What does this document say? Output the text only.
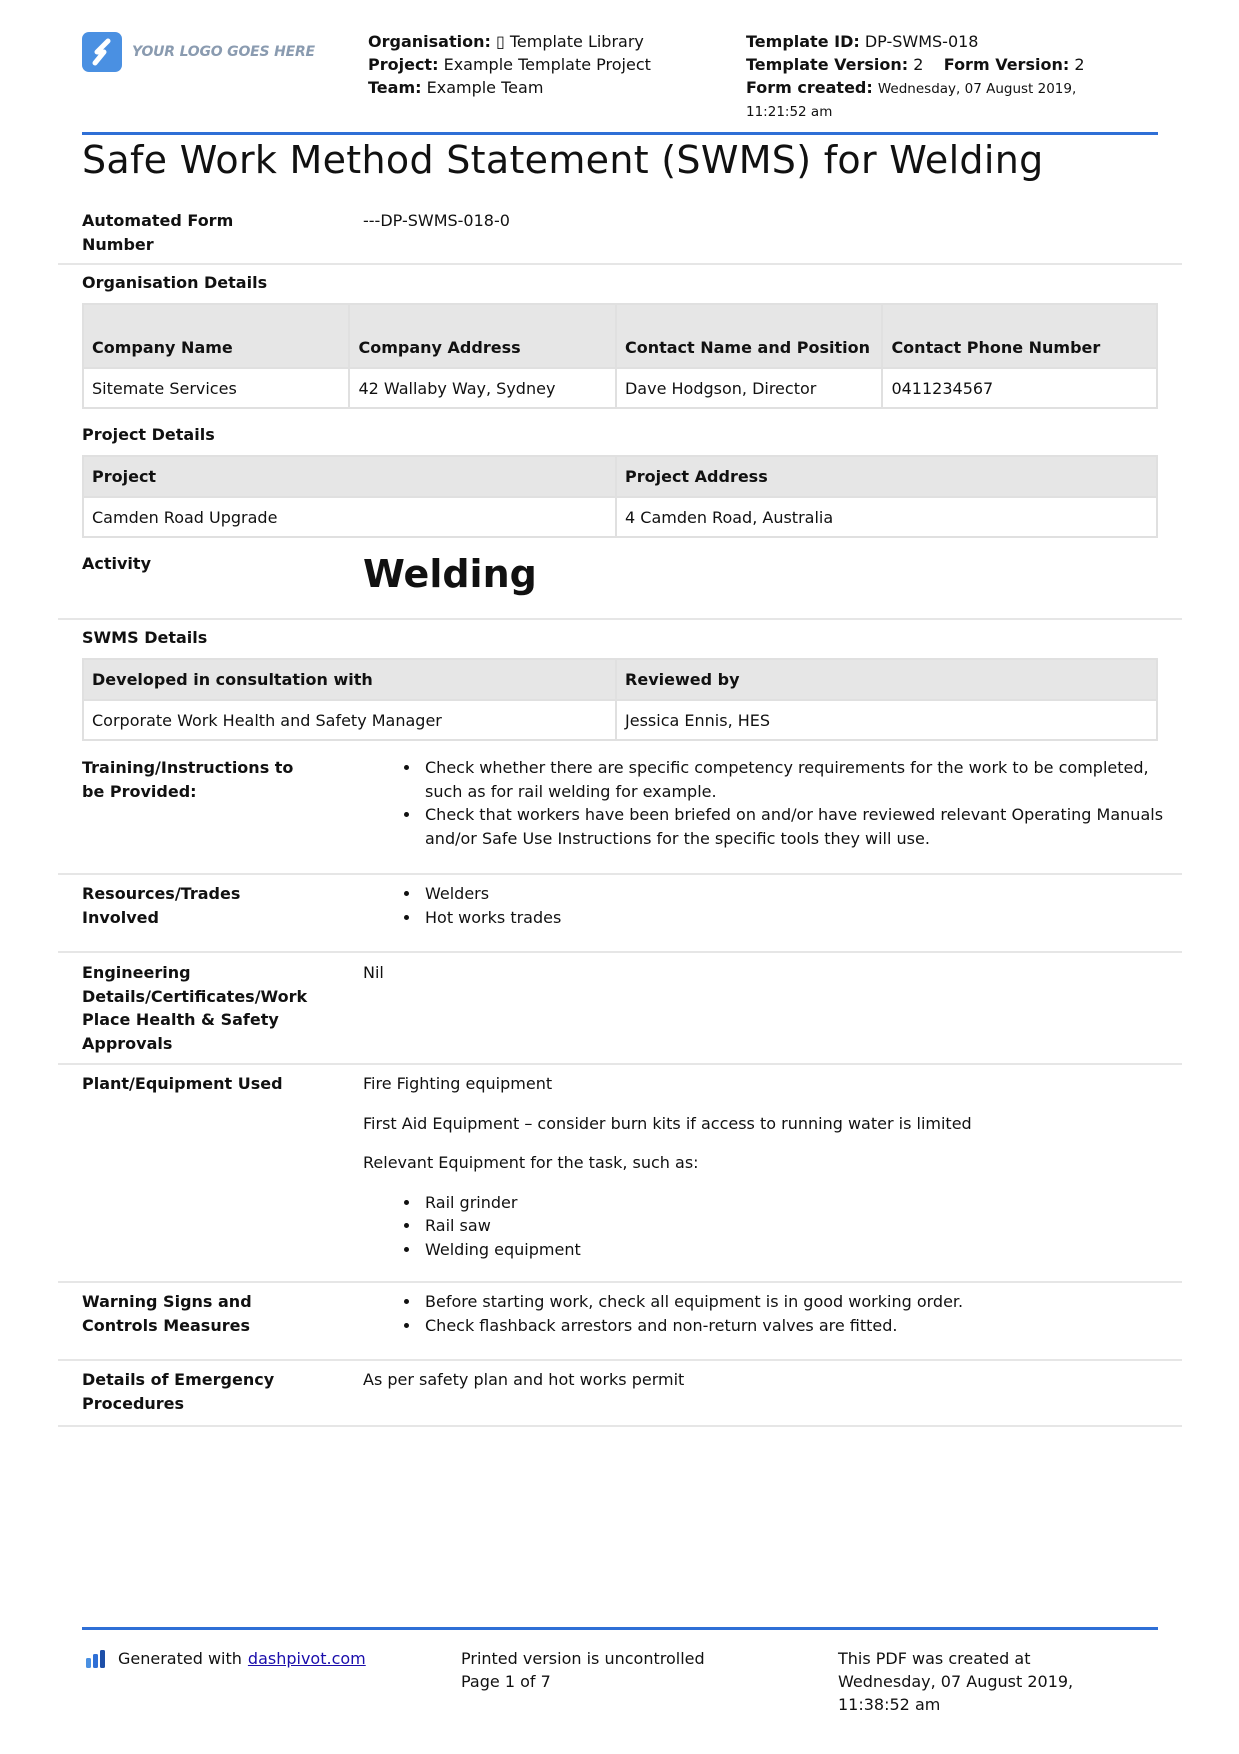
YOUR LOGO GOES HERE
Organisation: ▯ Template Library
Project: Example Template Project
Team: Example Team
Template ID: DP-SWMS-018
Template Version: 2 Form Version: 2
Form created: Wednesday, 07 August 2019,
11:21:52 am
Safe Work Method Statement (SWMS) for Welding
Automated Form
Number
---DP-SWMS-018-0
Organisation Details
Company Name	Company Address	Contact Name and Position	Contact Phone Number
Sitemate Services	42 Wallaby Way, Sydney	Dave Hodgson, Director	0411234567
Project Details
Project	Project Address
Camden Road Upgrade	4 Camden Road, Australia
Activity	Welding
SWMS Details
Developed in consultation with	Reviewed by
Corporate Work Health and Safety Manager	Jessica Ennis, HES
Training/Instructions to
be Provided:
• Check whether there are specific competency requirements for the work to be completed, such as for rail welding for example.
• Check that workers have been briefed on and/or have reviewed relevant Operating Manuals and/or Safe Use Instructions for the specific tools they will use.
Resources/Trades
Involved
• Welders
• Hot works trades
Engineering
Details/Certificates/Work
Place Health & Safety
Approvals
Nil
Plant/Equipment Used	Fire Fighting equipment

First Aid Equipment – consider burn kits if access to running water is limited

Relevant Equipment for the task, such as:

• Rail grinder
• Rail saw
• Welding equipment
Warning Signs and
Controls Measures
• Before starting work, check all equipment is in good working order.
• Check flashback arrestors and non-return valves are fitted.
Details of Emergency
Procedures
As per safety plan and hot works permit
Generated with dashpivot.com	Printed version is uncontrolled
Page 1 of 7
This PDF was created at
Wednesday, 07 August 2019,
11:38:52 am
